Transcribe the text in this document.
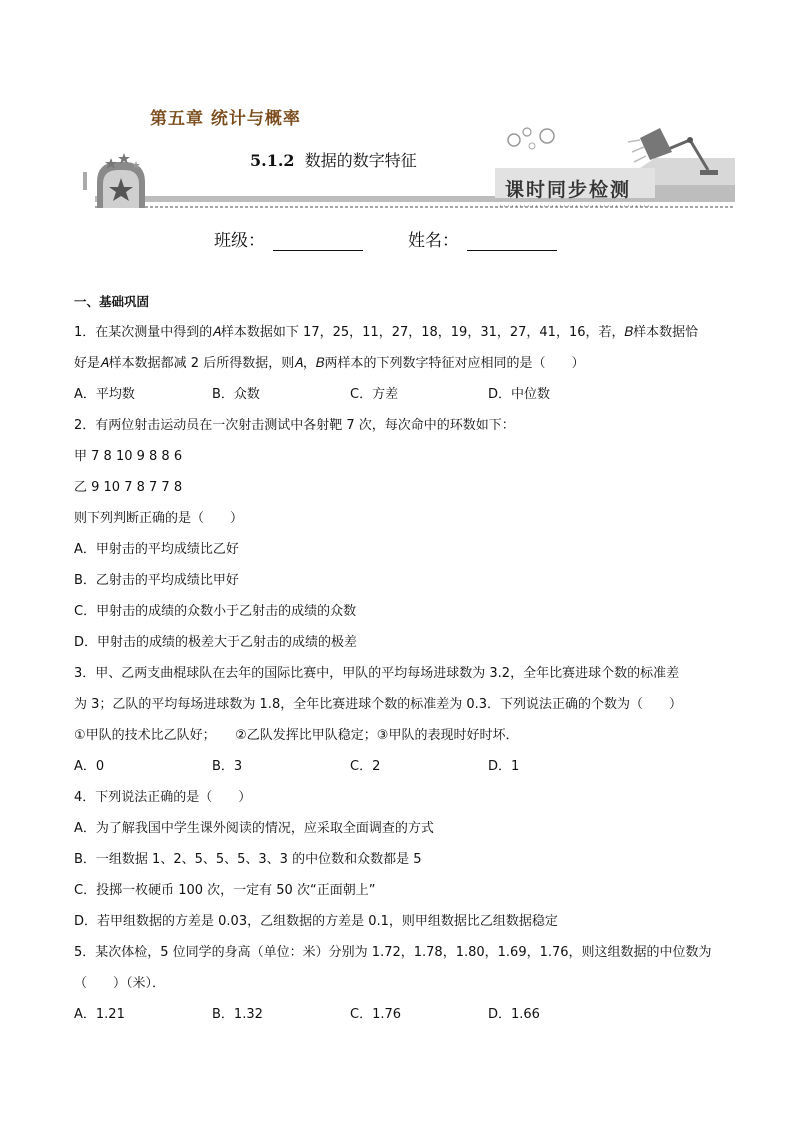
第五章 统计与概率
5.1.2 数据的数字特征
课时同步检测
班级：	姓名：
一、基础巩固
1．在某次测量中得到的𝐴样本数据如下 17，25，11，27，18，19，31，27，41，16，若，𝐵样本数据恰
好是𝐴样本数据都减 2 后所得数据，则𝐴，𝐵两样本的下列数字特征对应相同的是（　　）
A．平均数	B．众数	C．方差	D．中位数
2．有两位射击运动员在一次射击测试中各射靶 7 次，每次命中的环数如下：
甲 7 8 10 9 8 8 6
乙 9 10 7 8 7 7 8
则下列判断正确的是（　　）
A．甲射击的平均成绩比乙好
B．乙射击的平均成绩比甲好
C．甲射击的成绩的众数小于乙射击的成绩的众数
D．甲射击的成绩的极差大于乙射击的成绩的极差
3．甲、乙两支曲棍球队在去年的国际比赛中，甲队的平均每场进球数为 3.2，全年比赛进球个数的标准差
为 3；乙队的平均每场进球数为 1.8，全年比赛进球个数的标准差为 0.3．下列说法正确的个数为（　　）
①甲队的技术比乙队好；　　②乙队发挥比甲队稳定；③甲队的表现时好时坏．
A．0	B．3	C．2	D．1
4．下列说法正确的是（　　）
A．为了解我国中学生课外阅读的情况，应采取全面调查的方式
B．一组数据 1、2、5、5、5、3、3 的中位数和众数都是 5
C．投掷一枚硬币 100 次，一定有 50 次“正面朝上”
D．若甲组数据的方差是 0.03，乙组数据的方差是 0.1，则甲组数据比乙组数据稳定
5．某次体检，5 位同学的身高（单位：米）分别为 1.72，1.78，1.80，1.69，1.76，则这组数据的中位数为
（　　）（米）．
A．1.21	B．1.32	C．1.76	D．1.66
